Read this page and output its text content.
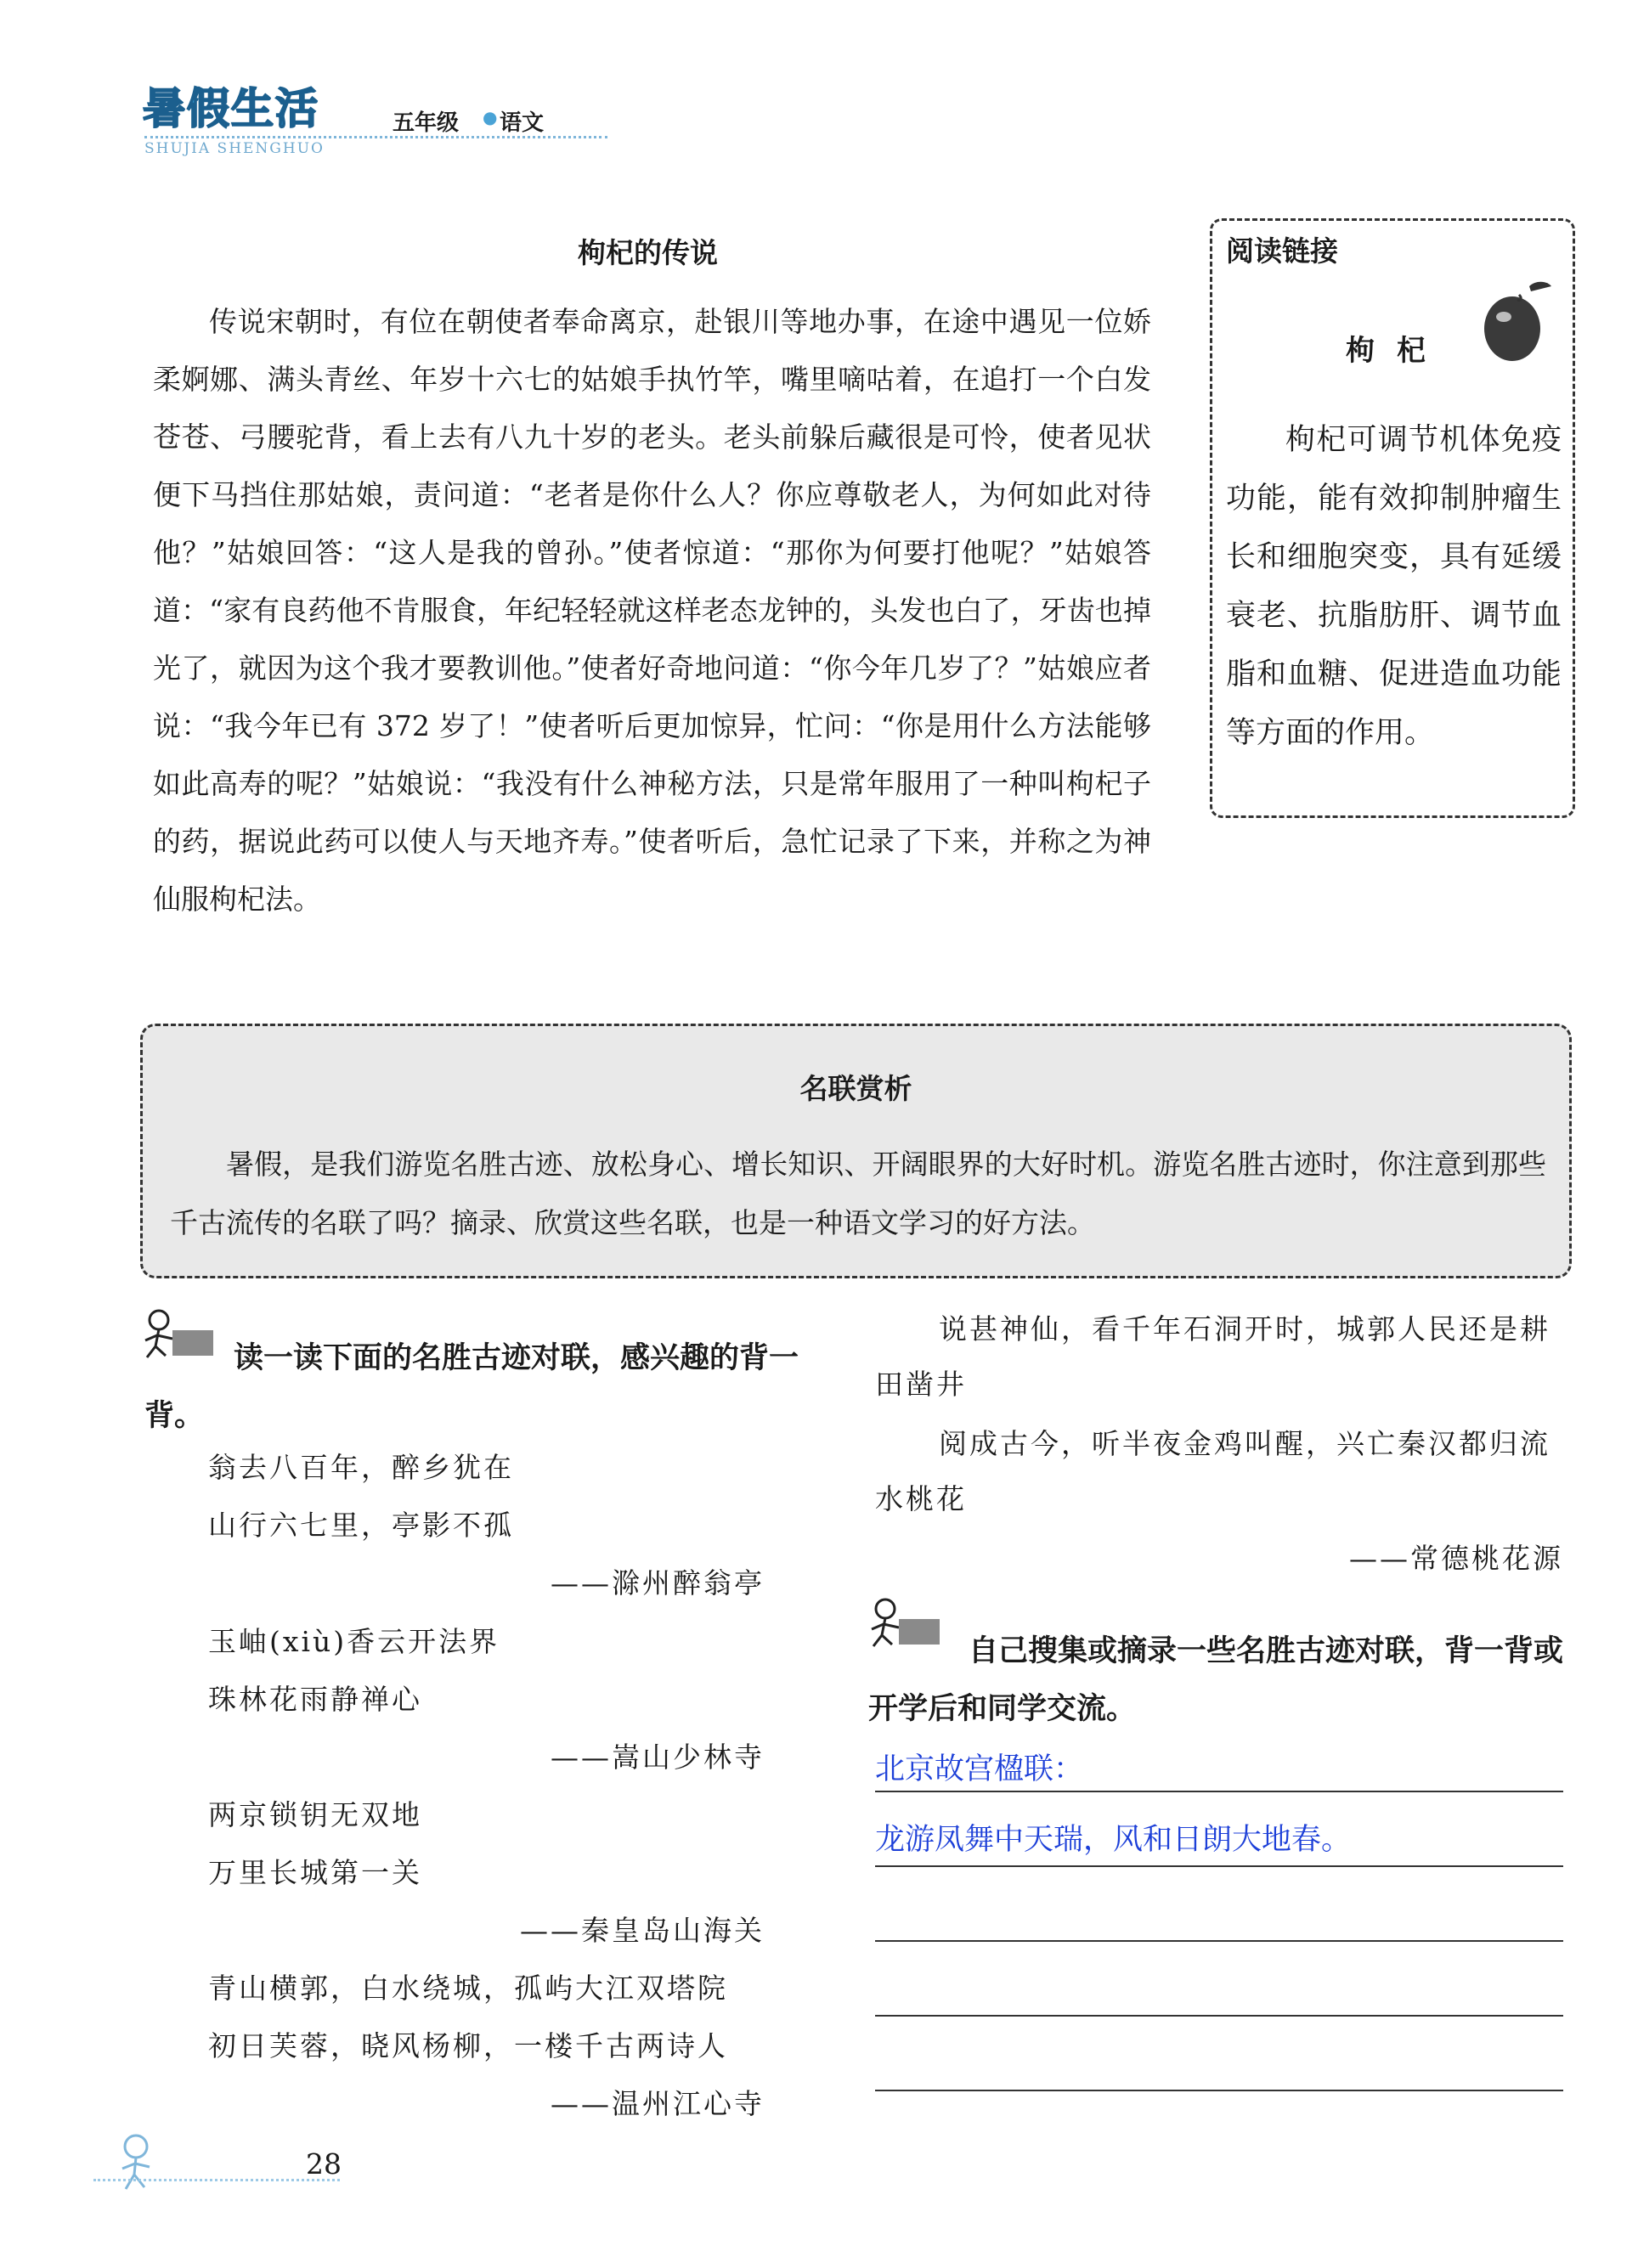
暑假生活	五年级 ● 语文
SHUJIA SHENGHUO
枸杞的传说
传说宋朝时，有位在朝使者奉命离京，赴银川等地办事，在途中遇见一位娇柔婀娜、满头青丝、年岁十六七的姑娘手执竹竿，嘴里嘀咕着，在追打一个白发苍苍、弓腰驼背，看上去有八九十岁的老头。老头前躲后藏很是可怜，使者见状便下马挡住那姑娘，责问道：“老者是你什么人？你应尊敬老人，为何如此对待他？”姑娘回答：“这人是我的曾孙。”使者惊道：“那你为何要打他呢？”姑娘答道：“家有良药他不肯服食，年纪轻轻就这样老态龙钟的，头发也白了，牙齿也掉光了，就因为这个我才要教训他。”使者好奇地问道：“你今年几岁了？”姑娘应者说：“我今年已有 372 岁了！”使者听后更加惊异，忙问：“你是用什么方法能够如此高寿的呢？”姑娘说：“我没有什么神秘方法，只是常年服用了一种叫枸杞子的药，据说此药可以使人与天地齐寿。”使者听后，急忙记录了下来，并称之为神仙服枸杞法。
阅读链接
枸杞
枸杞可调节机体免疫功能，能有效抑制肿瘤生长和细胞突变，具有延缓衰老、抗脂肪肝、调节血脂和血糖、促进造血功能等方面的作用。
名联赏析
暑假，是我们游览名胜古迹、放松身心、增长知识、开阔眼界的大好时机。游览名胜古迹时，你注意到那些千古流传的名联了吗？摘录、欣赏这些名联，也是一种语文学习的好方法。
读一读下面的名胜古迹对联，感兴趣的背一背。
翁去八百年，醉乡犹在
山行六七里，亭影不孤
——滁州醉翁亭
玉岫(xiù)香云开法界
珠林花雨静禅心
——嵩山少林寺
两京锁钥无双地
万里长城第一关
——秦皇岛山海关
青山横郭，白水绕城，孤屿大江双塔院
初日芙蓉，晓风杨柳，一楼千古两诗人
——温州江心寺
说甚神仙，看千年石洞开时，城郭人民还是耕
田凿井
阅成古今，听半夜金鸡叫醒，兴亡秦汉都归流
水桃花
——常德桃花源
自己搜集或摘录一些名胜古迹对联，背一背或开学后和同学交流。
北京故宫楹联：
龙游凤舞中天瑞，风和日朗大地春。
28
